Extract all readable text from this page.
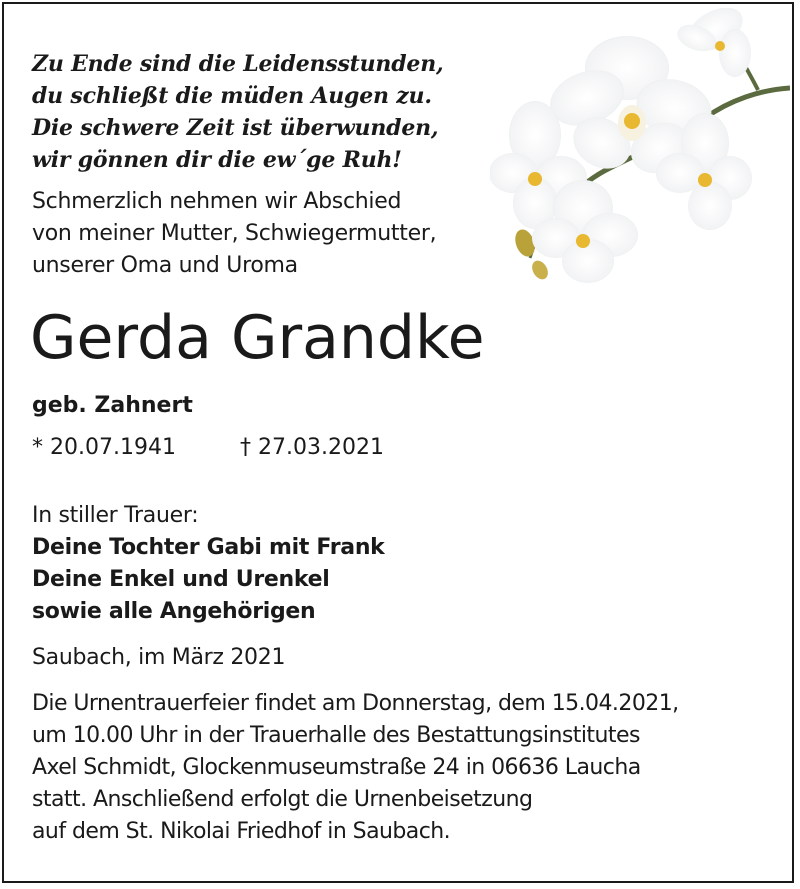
Zu Ende sind die Leidensstunden,
du schließt die müden Augen zu.
Die schwere Zeit ist überwunden,
wir gönnen dir die ew´ge Ruh!
Schmerzlich nehmen wir Abschied
von meiner Mutter, Schwiegermutter,
unserer Oma und Uroma
Gerda Grandke
geb. Zahnert
* 20.07.1941	† 27.03.2021
In stiller Trauer:
Deine Tochter Gabi mit Frank
Deine Enkel und Urenkel
sowie alle Angehörigen
Saubach, im März 2021
Die Urnentrauerfeier findet am Donnerstag, dem 15.04.2021,
um 10.00 Uhr in der Trauerhalle des Bestattungsinstitutes
Axel Schmidt, Glockenmuseumstraße 24 in 06636 Laucha
statt. Anschließend erfolgt die Urnenbeisetzung
auf dem St. Nikolai Friedhof in Saubach.
